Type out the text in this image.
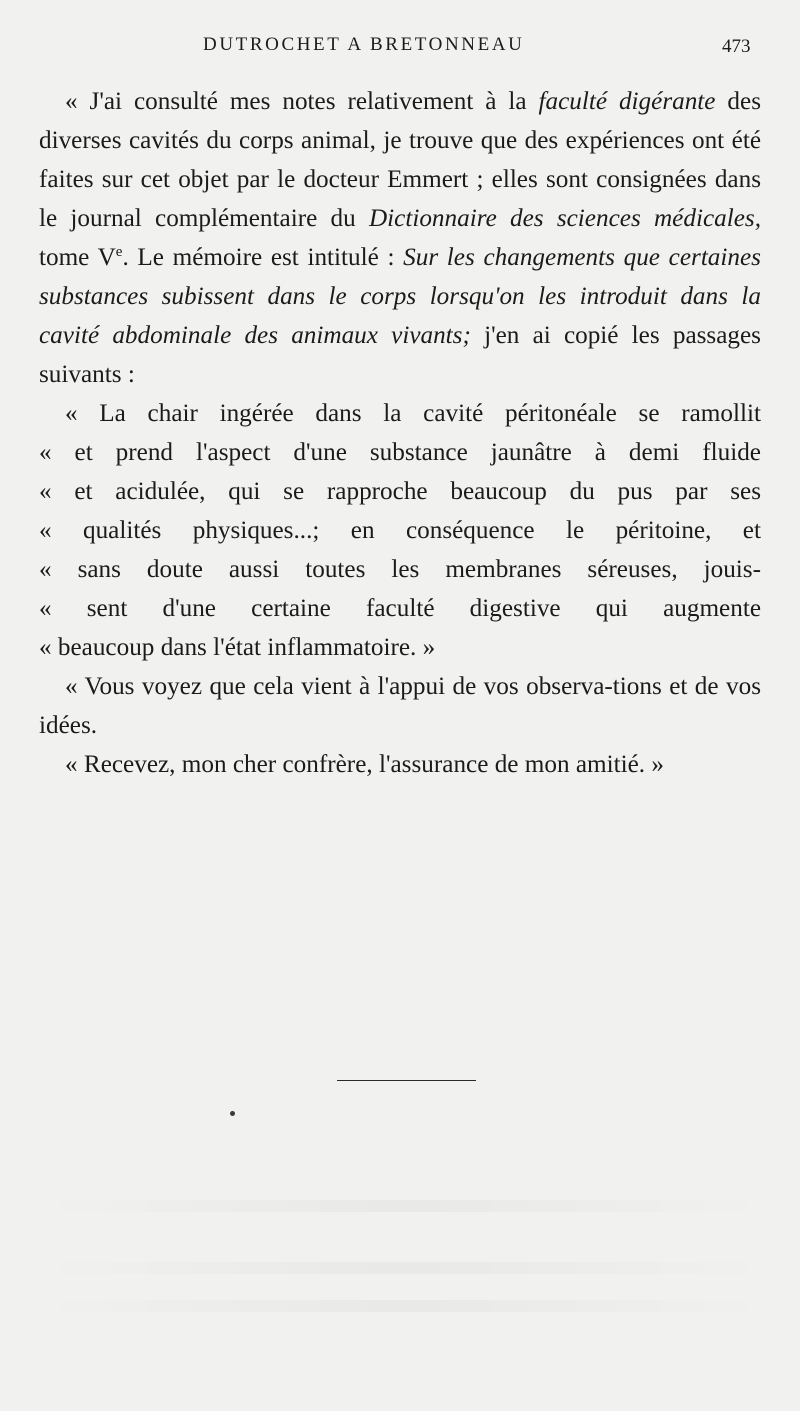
DUTROCHET A BRETONNEAU	473

« J'ai consulté mes notes relativement à la faculté digérante des diverses cavités du corps animal, je trouve que des expériences ont été faites sur cet objet par le docteur Emmert ; elles sont consignées dans le journal complémentaire du Dictionnaire des sciences médicales, tome Ve. Le mémoire est intitulé : Sur les changements que certaines substances subissent dans le corps lorsqu'on les introduit dans la cavité abdominale des animaux vivants; j'en ai copié les passages suivants :

« La chair ingérée dans la cavité péritonéale se ramollit
« et prend l'aspect d'une substance jaunâtre à demi fluide
« et acidulée, qui se rapproche beaucoup du pus par ses
« qualités physiques...; en conséquence le péritoine, et
« sans doute aussi toutes les membranes séreuses, jouis-
« sent d'une certaine faculté digestive qui augmente
« beaucoup dans l'état inflammatoire. »

« Vous voyez que cela vient à l'appui de vos observa-tions et de vos idées.

« Recevez, mon cher confrère, l'assurance de mon amitié. »
